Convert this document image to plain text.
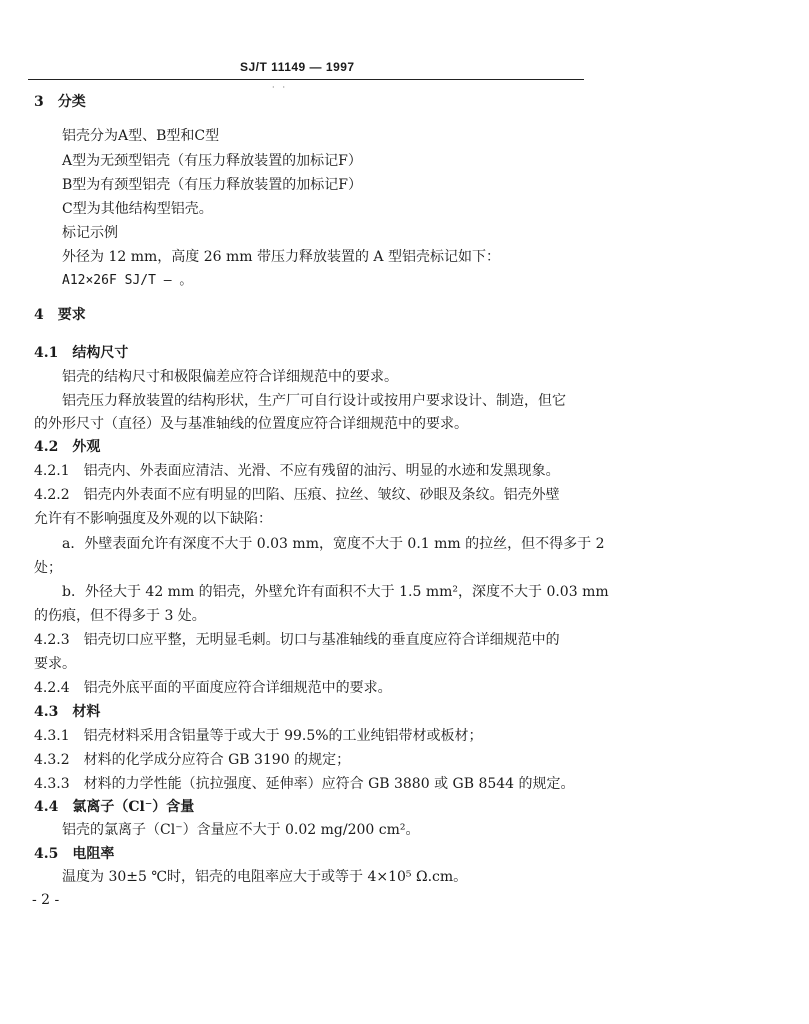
SJ/T 11149 — 1997
·　·
3　分类
铝壳分为A型、B型和C型
A型为无颈型铝壳（有压力释放装置的加标记F）
B型为有颈型铝壳（有压力释放装置的加标记F）
C型为其他结构型铝壳。
标记示例
外径为 12 mm，高度 26 mm 带压力释放装置的 A 型铝壳标记如下：
A12×26F SJ/T — 。
4　要求
4.1　结构尺寸
铝壳的结构尺寸和极限偏差应符合详细规范中的要求。
铝壳压力释放装置的结构形状，生产厂可自行设计或按用户要求设计、制造，但它
的外形尺寸（直径）及与基准轴线的位置度应符合详细规范中的要求。
4.2　外观
4.2.1　铝壳内、外表面应清洁、光滑、不应有残留的油污、明显的水迹和发黑现象。
4.2.2　铝壳内外表面不应有明显的凹陷、压痕、拉丝、皱纹、砂眼及条纹。铝壳外壁
允许有不影响强度及外观的以下缺陷：
a．外壁表面允许有深度不大于 0.03 mm，宽度不大于 0.1 mm 的拉丝，但不得多于 2
处；
b．外径大于 42 mm 的铝壳，外壁允许有面积不大于 1.5 mm²，深度不大于 0.03 mm
的伤痕，但不得多于 3 处。
4.2.3　铝壳切口应平整，无明显毛刺。切口与基准轴线的垂直度应符合详细规范中的
要求。
4.2.4　铝壳外底平面的平面度应符合详细规范中的要求。
4.3　材料
4.3.1　铝壳材料采用含铝量等于或大于 99.5%的工业纯铝带材或板材；
4.3.2　材料的化学成分应符合 GB 3190 的规定；
4.3.3　材料的力学性能（抗拉强度、延伸率）应符合 GB 3880 或 GB 8544 的规定。
4.4　氯离子（Cl⁻）含量
铝壳的氯离子（Cl⁻）含量应不大于 0.02 mg/200 cm²。
4.5　电阻率
温度为 30±5 ℃时，铝壳的电阻率应大于或等于 4×10⁵ Ω.cm。
- 2 -
